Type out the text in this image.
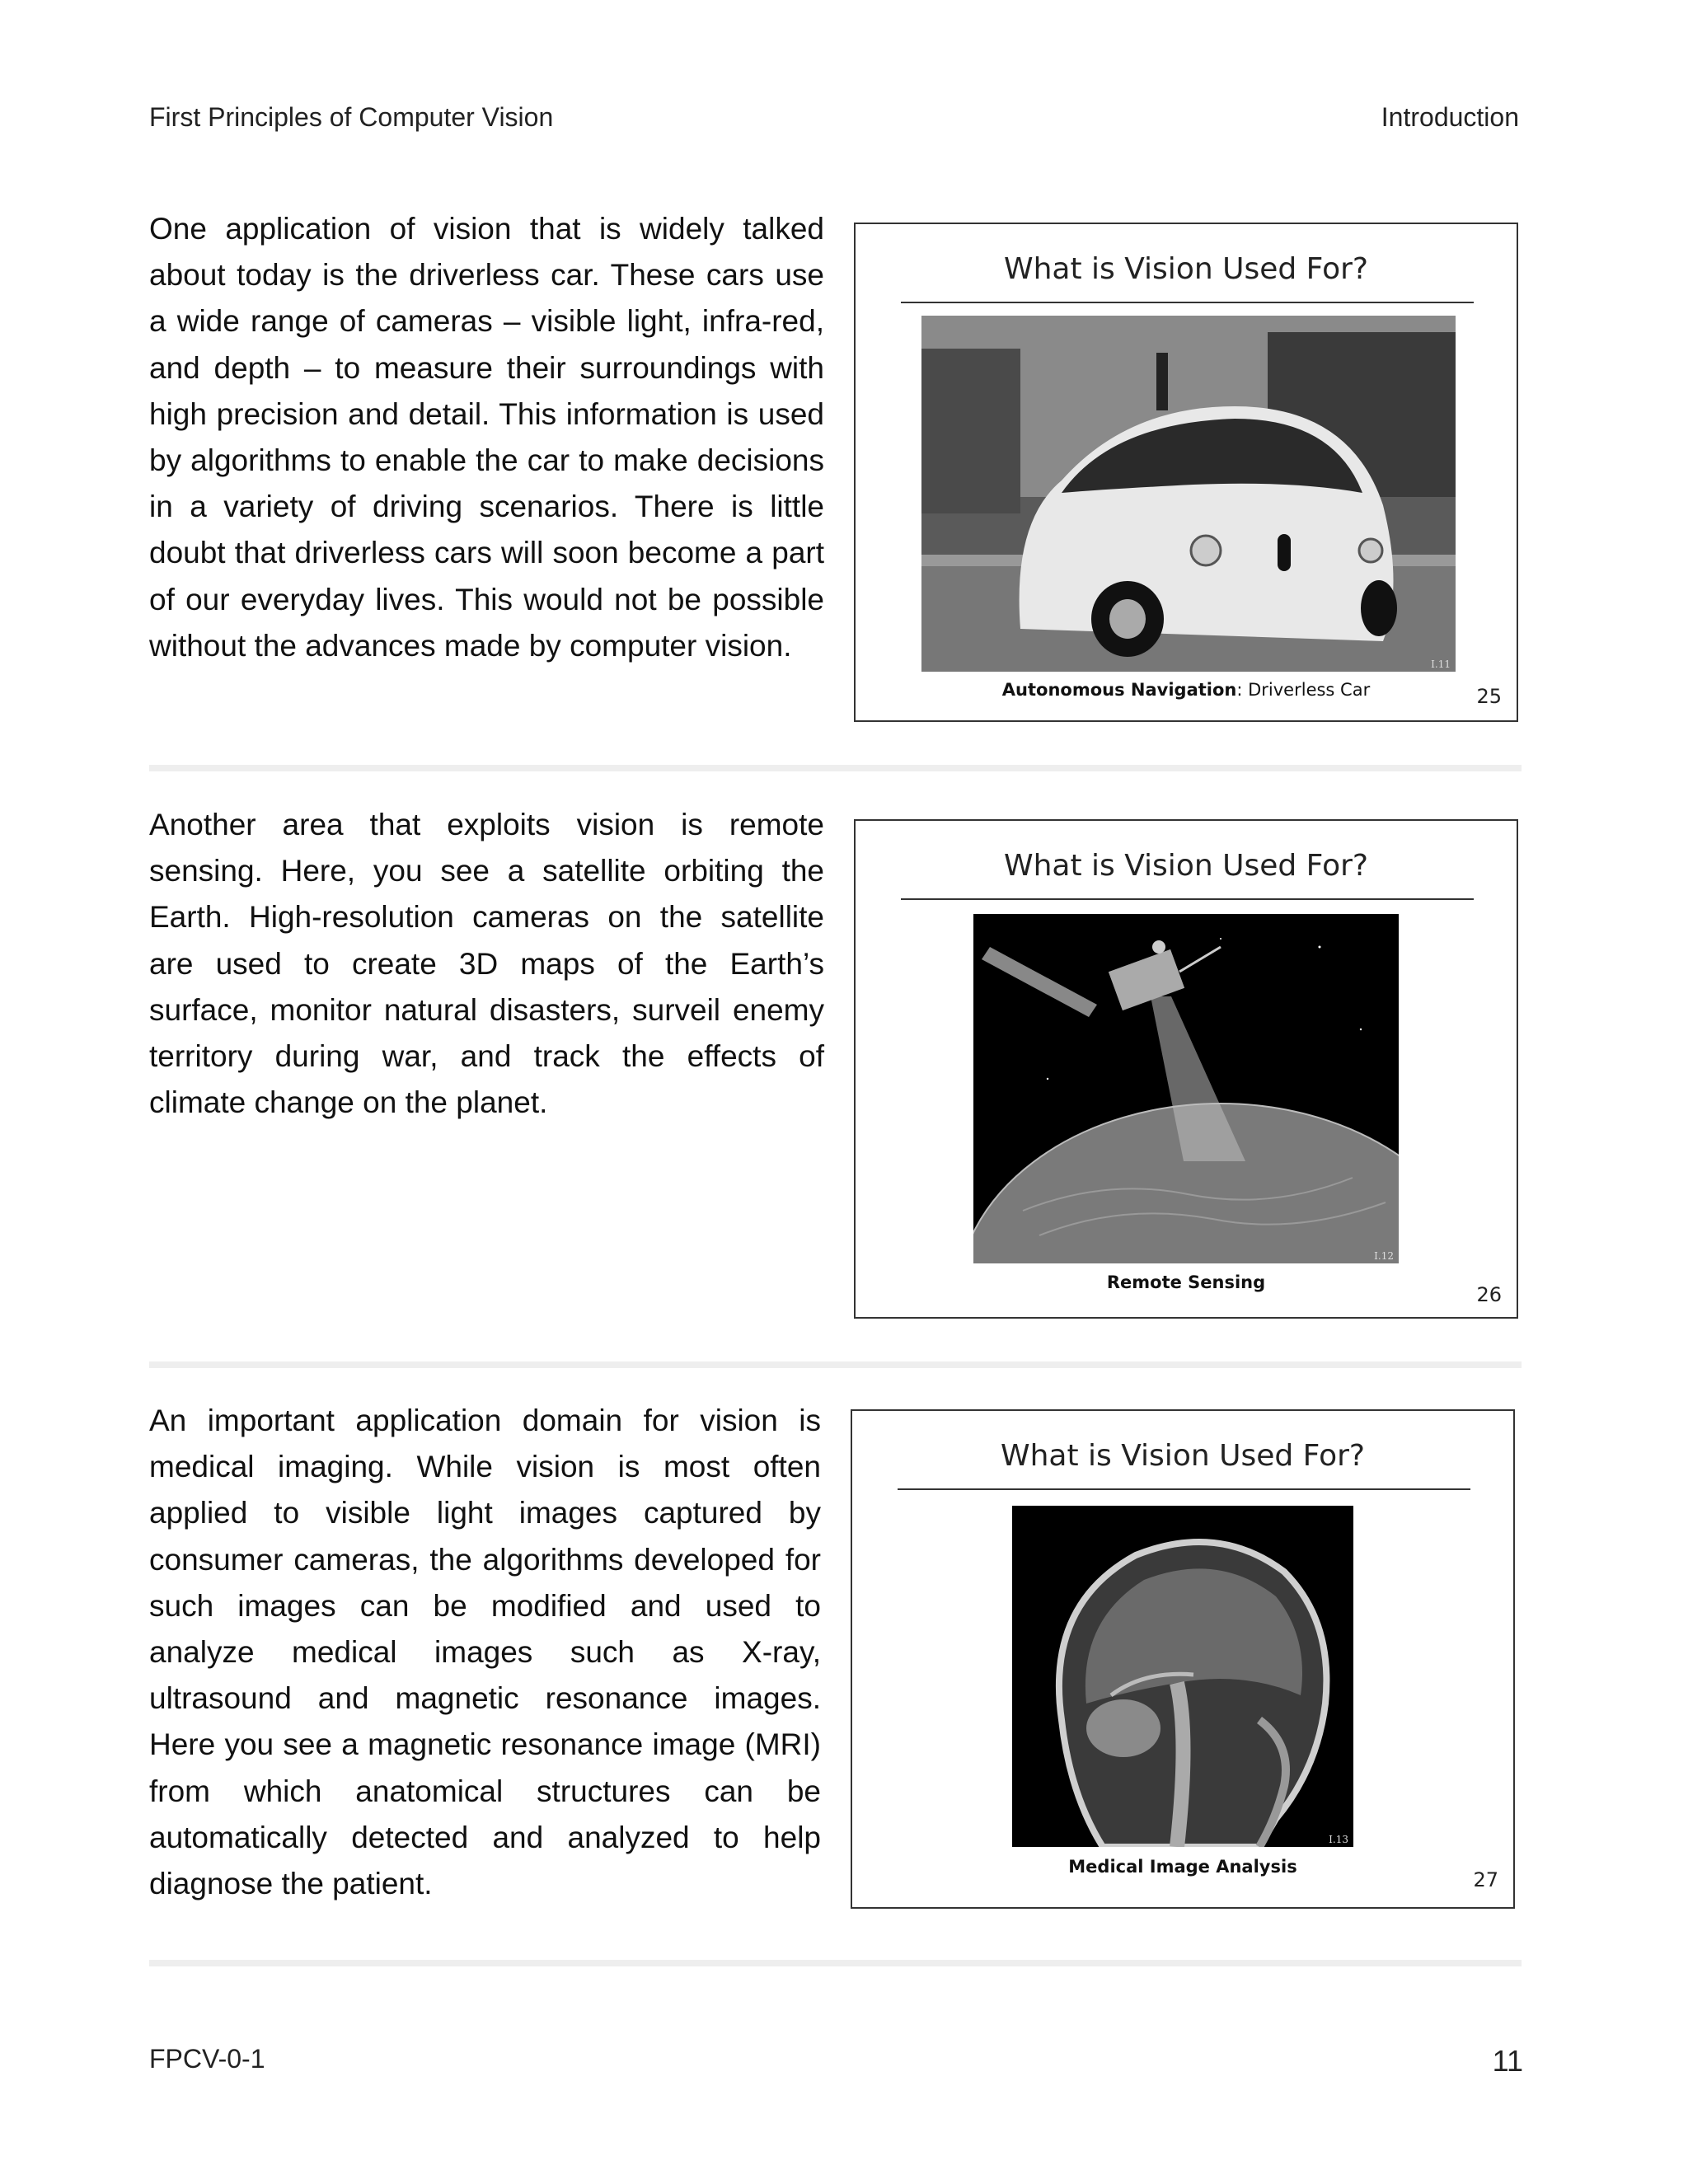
First Principles of Computer Vision	Introduction

One application of vision that is widely talked about today is the driverless car. These cars use a wide range of cameras – visible light, infra-red, and depth – to measure their surroundings with high precision and detail. This information is used by algorithms to enable the car to make decisions in a variety of driving scenarios. There is little doubt that driverless cars will soon become a part of our everyday lives. This would not be possible without the advances made by computer vision.

What is Vision Used For?
I.11
Autonomous Navigation: Driverless Car	25

Another area that exploits vision is remote sensing. Here, you see a satellite orbiting the Earth. High-resolution cameras on the satellite are used to create 3D maps of the Earth’s surface, monitor natural disasters, surveil enemy territory during war, and track the effects of climate change on the planet.

What is Vision Used For?
I.12
Remote Sensing
26

An important application domain for vision is medical imaging. While vision is most often applied to visible light images captured by consumer cameras, the algorithms developed for such images can be modified and used to analyze medical images such as X-ray, ultrasound and magnetic resonance images. Here you see a magnetic resonance image (MRI) from which anatomical structures can be automatically detected and analyzed to help diagnose the patient.

What is Vision Used For?
I.13
Medical Image Analysis
27
FPCV-0-1	11
